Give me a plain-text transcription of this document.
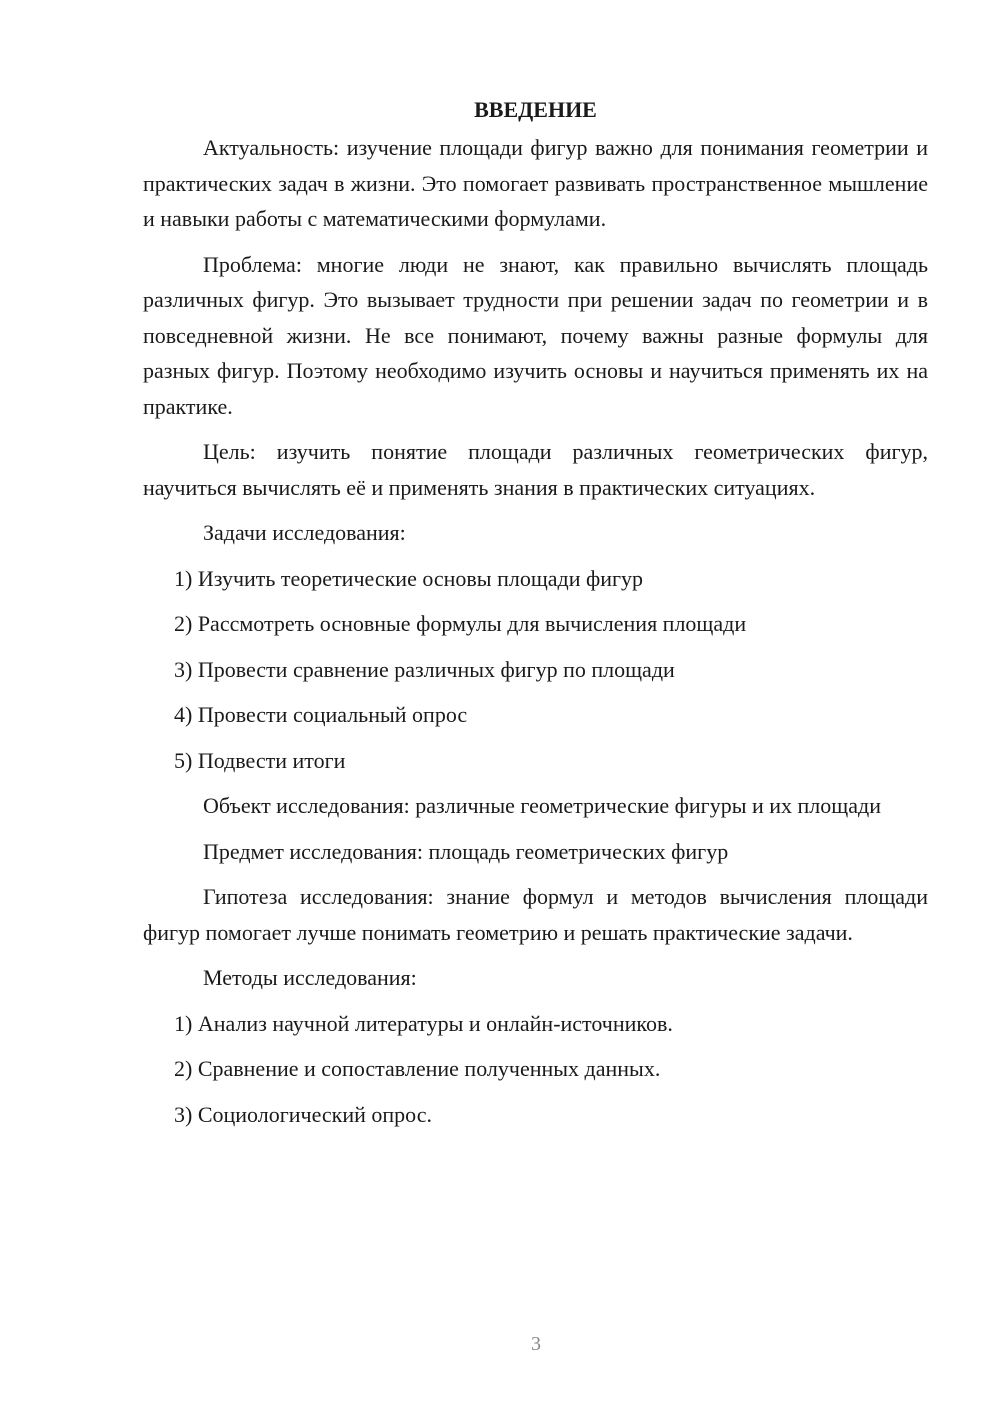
ВВЕДЕНИЕ

Актуальность: изучение площади фигур важно для понимания геометрии и практических задач в жизни. Это помогает развивать пространственное мышление и навыки работы с математическими формулами.

Проблема: многие люди не знают, как правильно вычислять площадь различных фигур. Это вызывает трудности при решении задач по геометрии и в повседневной жизни. Не все понимают, почему важны разные формулы для разных фигур. Поэтому необходимо изучить основы и научиться применять их на практике.

Цель: изучить понятие площади различных геометрических фигур, научиться вычислять её и применять знания в практических ситуациях.

Задачи исследования:

1) Изучить теоретические основы площади фигур
2) Рассмотреть основные формулы для вычисления площади
3) Провести сравнение различных фигур по площади
4) Провести социальный опрос
5) Подвести итоги

Объект исследования: различные геометрические фигуры и их площади

Предмет исследования: площадь геометрических фигур

Гипотеза исследования: знание формул и методов вычисления площади фигур помогает лучше понимать геометрию и решать практические задачи.

Методы исследования:

1) Анализ научной литературы и онлайн-источников.
2) Сравнение и сопоставление полученных данных.
3) Социологический опрос.
3
